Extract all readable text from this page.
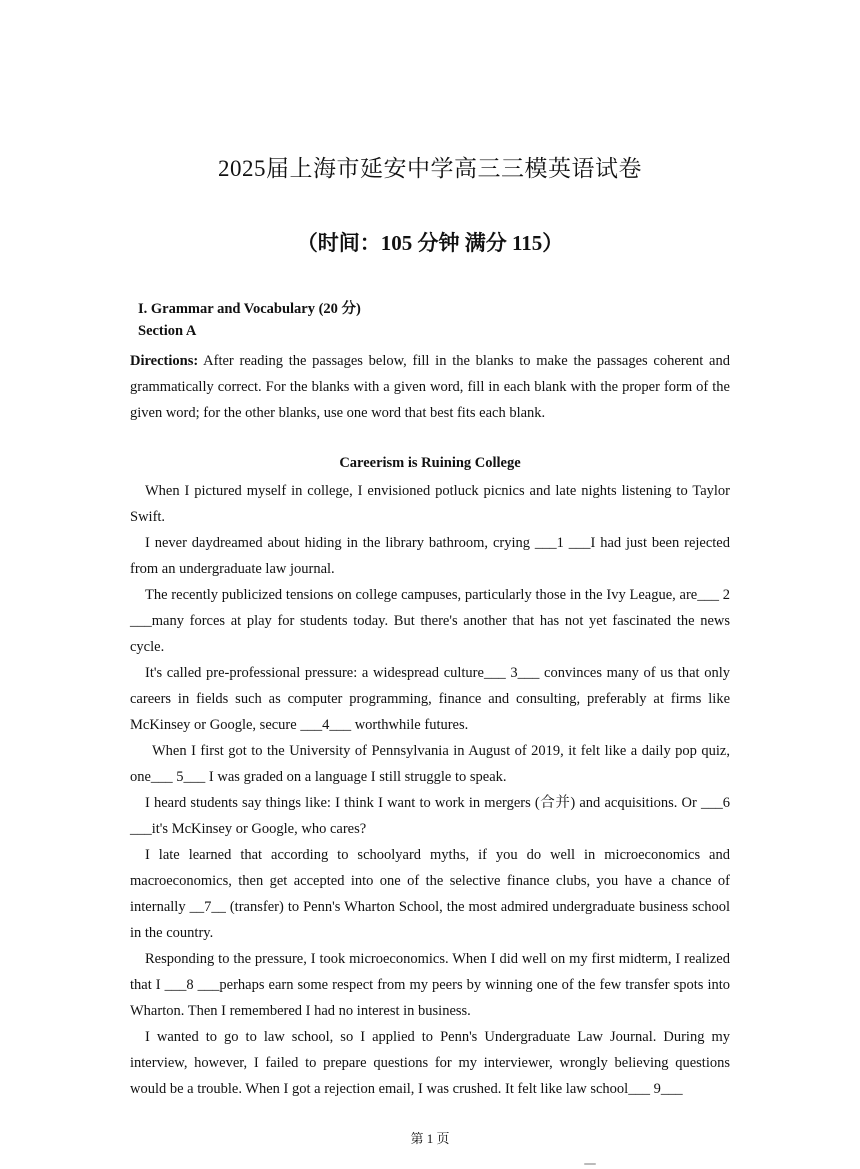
2025届上海市延安中学高三三模英语试卷
（时间：105 分钟 满分 115）
I. Grammar and Vocabulary (20 分)
Section A
Directions: After reading the passages below, fill in the blanks to make the passages coherent and grammatically correct. For the blanks with a given word, fill in each blank with the proper form of the given word; for the other blanks, use one word that best fits each blank.
Careerism is Ruining College

When I pictured myself in college, I envisioned potluck picnics and late nights listening to Taylor Swift.

I never daydreamed about hiding in the library bathroom, crying ___1 ___I had just been rejected from an undergraduate law journal.

The recently publicized tensions on college campuses, particularly those in the Ivy League, are___ 2 ___many forces at play for students today. But there's another that has not yet fascinated the news cycle.

It's called pre-professional pressure: a widespread culture___ 3___ convinces many of us that only careers in fields such as computer programming, finance and consulting, preferably at firms like McKinsey or Google, secure ___4___ worthwhile futures.

When I first got to the University of Pennsylvania in August of 2019, it felt like a daily pop quiz, one___ 5___ I was graded on a language I still struggle to speak.

I heard students say things like: I think I want to work in mergers (合并) and acquisitions. Or ___6 ___it's McKinsey or Google, who cares?

I late learned that according to schoolyard myths, if you do well in microeconomics and macroeconomics, then get accepted into one of the selective finance clubs, you have a chance of internally __7__ (transfer) to Penn's Wharton School, the most admired undergraduate business school in the country.

Responding to the pressure, I took microeconomics. When I did well on my first midterm, I realized that I ___8 ___perhaps earn some respect from my peers by winning one of the few transfer spots into Wharton. Then I remembered I had no interest in business.

I wanted to go to law school, so I applied to Penn's Undergraduate Law Journal. During my interview, however, I failed to prepare questions for my interviewer, wrongly believing questions would be a trouble. When I got a rejection email, I was crushed. It felt like law school___ 9___

第 1 页
